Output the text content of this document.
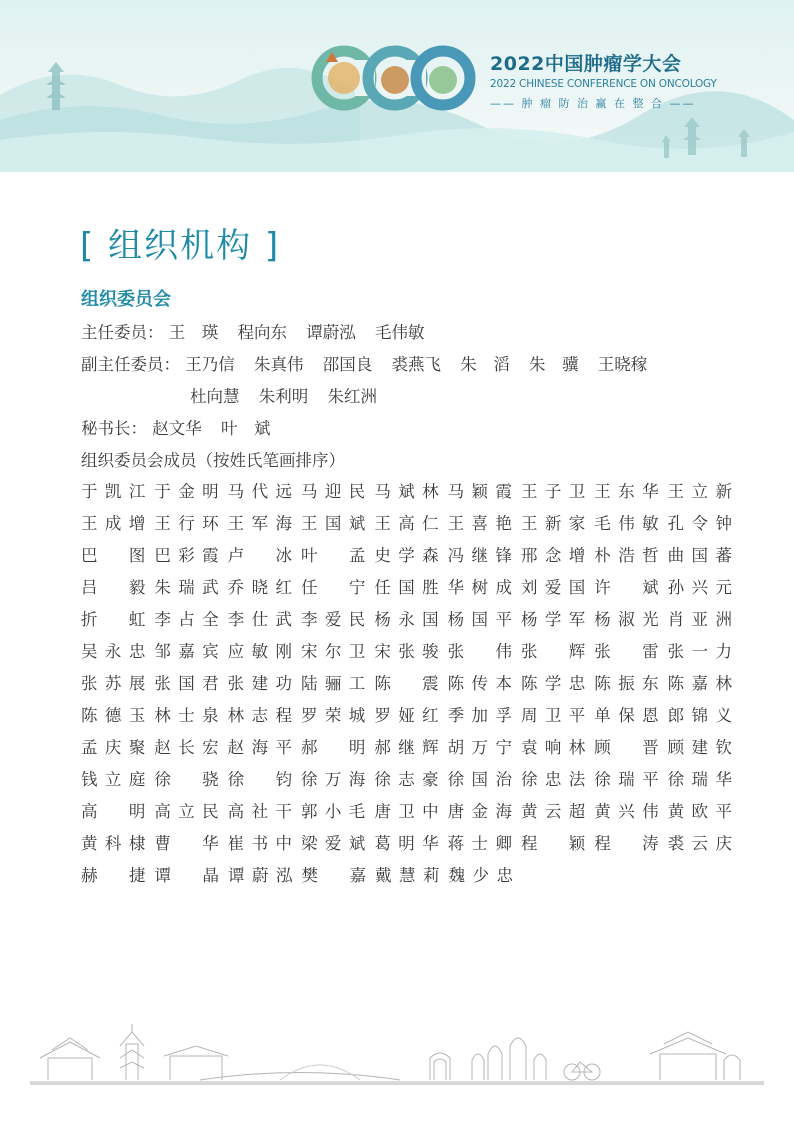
2022中国肿瘤学大会
2022 CHINESE CONFERENCE ON ONCOLOGY
—— 肿 瘤 防 治 赢 在 整 合 ——
[ 组织机构 ]
组织委员会
主任委员： 王　瑛 程向东 谭蔚泓 毛伟敏
副主任委员： 王乃信 朱真伟 邵国良 裘燕飞 朱　滔 朱　骥 王晓稼
杜向慧 朱利明 朱红洲
秘书长： 赵文华 叶　斌
组织委员会成员（按姓氏笔画排序）
于 凯 江 于 金 明 马 代 远 马 迎 民 马 斌 林 马 颖 霞 王 子 卫 王 东 华 王 立 新
王 成 增 王 行 环 王 军 海 王 国 斌 王 高 仁 王 喜 艳 王 新 家 毛 伟 敏 孔 令 钟
巴 图 巴 彩 霞 卢 冰 叶 孟 史 学 森 冯 继 锋 邢 念 增 朴 浩 哲 曲 国 蕃
吕 毅 朱 瑞 武 乔 晓 红 任 宁 任 国 胜 华 树 成 刘 爱 国 许 斌 孙 兴 元
折 虹 李 占 全 李 仕 武 李 爱 民 杨 永 国 杨 国 平 杨 学 军 杨 淑 光 肖 亚 洲
吴 永 忠 邹 嘉 宾 应 敏 刚 宋 尔 卫 宋 张 骏 张 伟 张 辉 张 雷 张 一 力
张 苏 展 张 国 君 张 建 功 陆 骊 工 陈 震 陈 传 本 陈 学 忠 陈 振 东 陈 嘉 林
陈 德 玉 林 士 泉 林 志 程 罗 荣 城 罗 娅 红 季 加 孚 周 卫 平 单 保 恩 郎 锦 义
孟 庆 聚 赵 长 宏 赵 海 平 郝 明 郝 继 辉 胡 万 宁 袁 响 林 顾 晋 顾 建 钦
钱 立 庭 徐 骁 徐 钧 徐 万 海 徐 志 豪 徐 国 治 徐 忠 法 徐 瑞 平 徐 瑞 华
高 明 高 立 民 高 社 干 郭 小 毛 唐 卫 中 唐 金 海 黄 云 超 黄 兴 伟 黄 欧 平
黄 科 棣 曹 华 崔 书 中 梁 爱 斌 葛 明 华 蒋 士 卿 程 颖 程 涛 裘 云 庆
赫 捷 谭 晶 谭 蔚 泓 樊 嘉 戴 慧 莉 魏 少 忠
